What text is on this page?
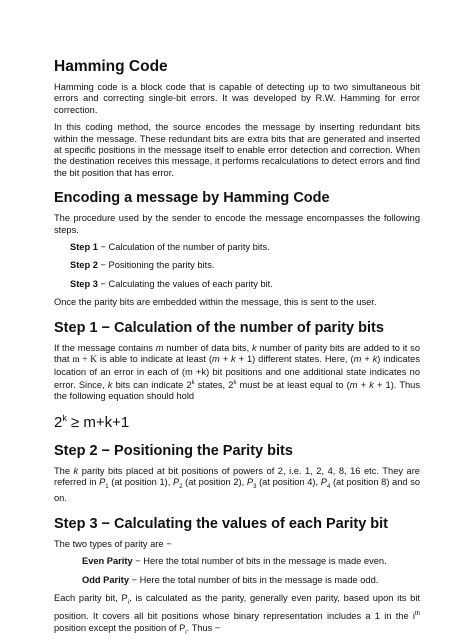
Hamming Code

Hamming code is a block code that is capable of detecting up to two simultaneous bit errors and correcting single-bit errors. It was developed by R.W. Hamming for error correction.

In this coding method, the source encodes the message by inserting redundant bits within the message. These redundant bits are extra bits that are generated and inserted at specific positions in the message itself to enable error detection and correction. When the destination receives this message, it performs recalculations to detect errors and find the bit position that has error.

Encoding a message by Hamming Code

The procedure used by the sender to encode the message encompasses the following steps.

Step 1 − Calculation of the number of parity bits.
Step 2 − Positioning the parity bits.
Step 3 − Calculating the values of each parity bit.

Once the parity bits are embedded within the message, this is sent to the user.

Step 1 − Calculation of the number of parity bits

If the message contains m number of data bits, k number of parity bits are added to it so that m + K is able to indicate at least (m + k + 1) different states. Here, (m + k) indicates location of an error in each of (m +k) bit positions and one additional state indicates no error. Since, k bits can indicate 2$^k$ states, 2$^k$ must be at least equal to (m + k + 1). Thus the following equation should hold

$2^k \ge m+k+1$
Step 2 − Positioning the Parity bits

The k parity bits placed at bit positions of powers of 2, i.e. 1, 2, 4, 8, 16 etc. They are referred in $P_1$ (at position 1), $P_2$ (at position 2), $P_3$ (at position 4), $P_4$ (at position 8) and so on.

Step 3 − Calculating the values of each Parity bit

The two types of parity are −

Even Parity − Here the total number of bits in the message is made even.
Odd Parity − Here the total number of bits in the message is made odd.

Each parity bit, $P_i$, is calculated as the parity, generally even parity, based upon its bit position. It covers all bit positions whose binary representation includes a 1 in the $i^{th}$ position except the position of $P_i$. Thus −
